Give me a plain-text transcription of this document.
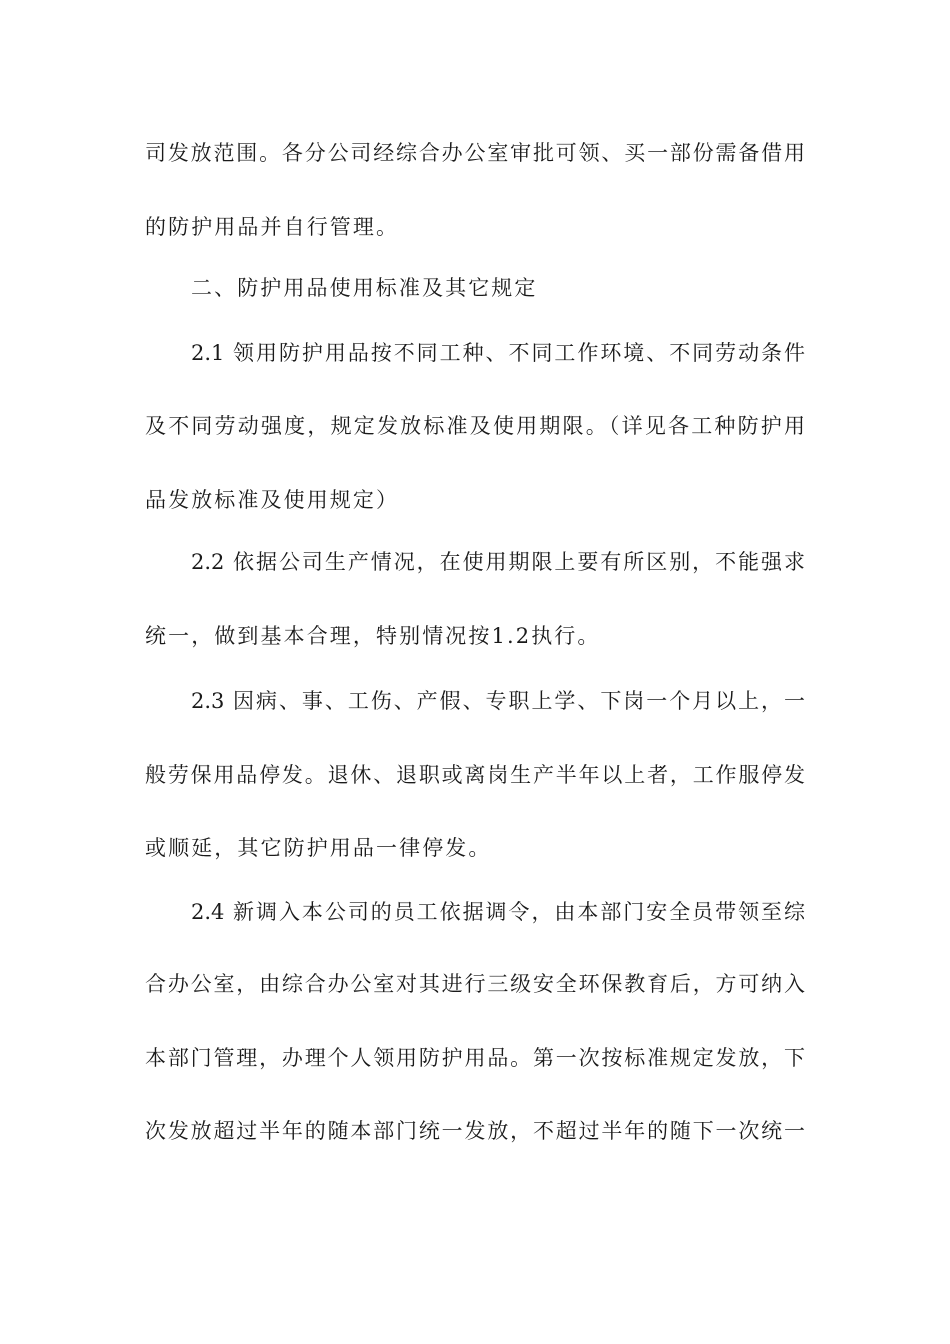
司发放范围。各分公司经综合办公室审批可领、买一部份需备借用
的防护用品并自行管理。
二、防护用品使用标准及其它规定
2.1 领用防护用品按不同工种、不同工作环境、不同劳动条件
及不同劳动强度，规定发放标准及使用期限。（详见各工种防护用
品发放标准及使用规定）
2.2 依据公司生产情况，在使用期限上要有所区别，不能强求
统一，做到基本合理，特别情况按1.2执行。
2.3 因病、事、工伤、产假、专职上学、下岗一个月以上，一
般劳保用品停发。退休、退职或离岗生产半年以上者，工作服停发
或顺延，其它防护用品一律停发。
2.4 新调入本公司的员工依据调令，由本部门安全员带领至综
合办公室，由综合办公室对其进行三级安全环保教育后，方可纳入
本部门管理，办理个人领用防护用品。第一次按标准规定发放，下
次发放超过半年的随本部门统一发放，不超过半年的随下一次统一
